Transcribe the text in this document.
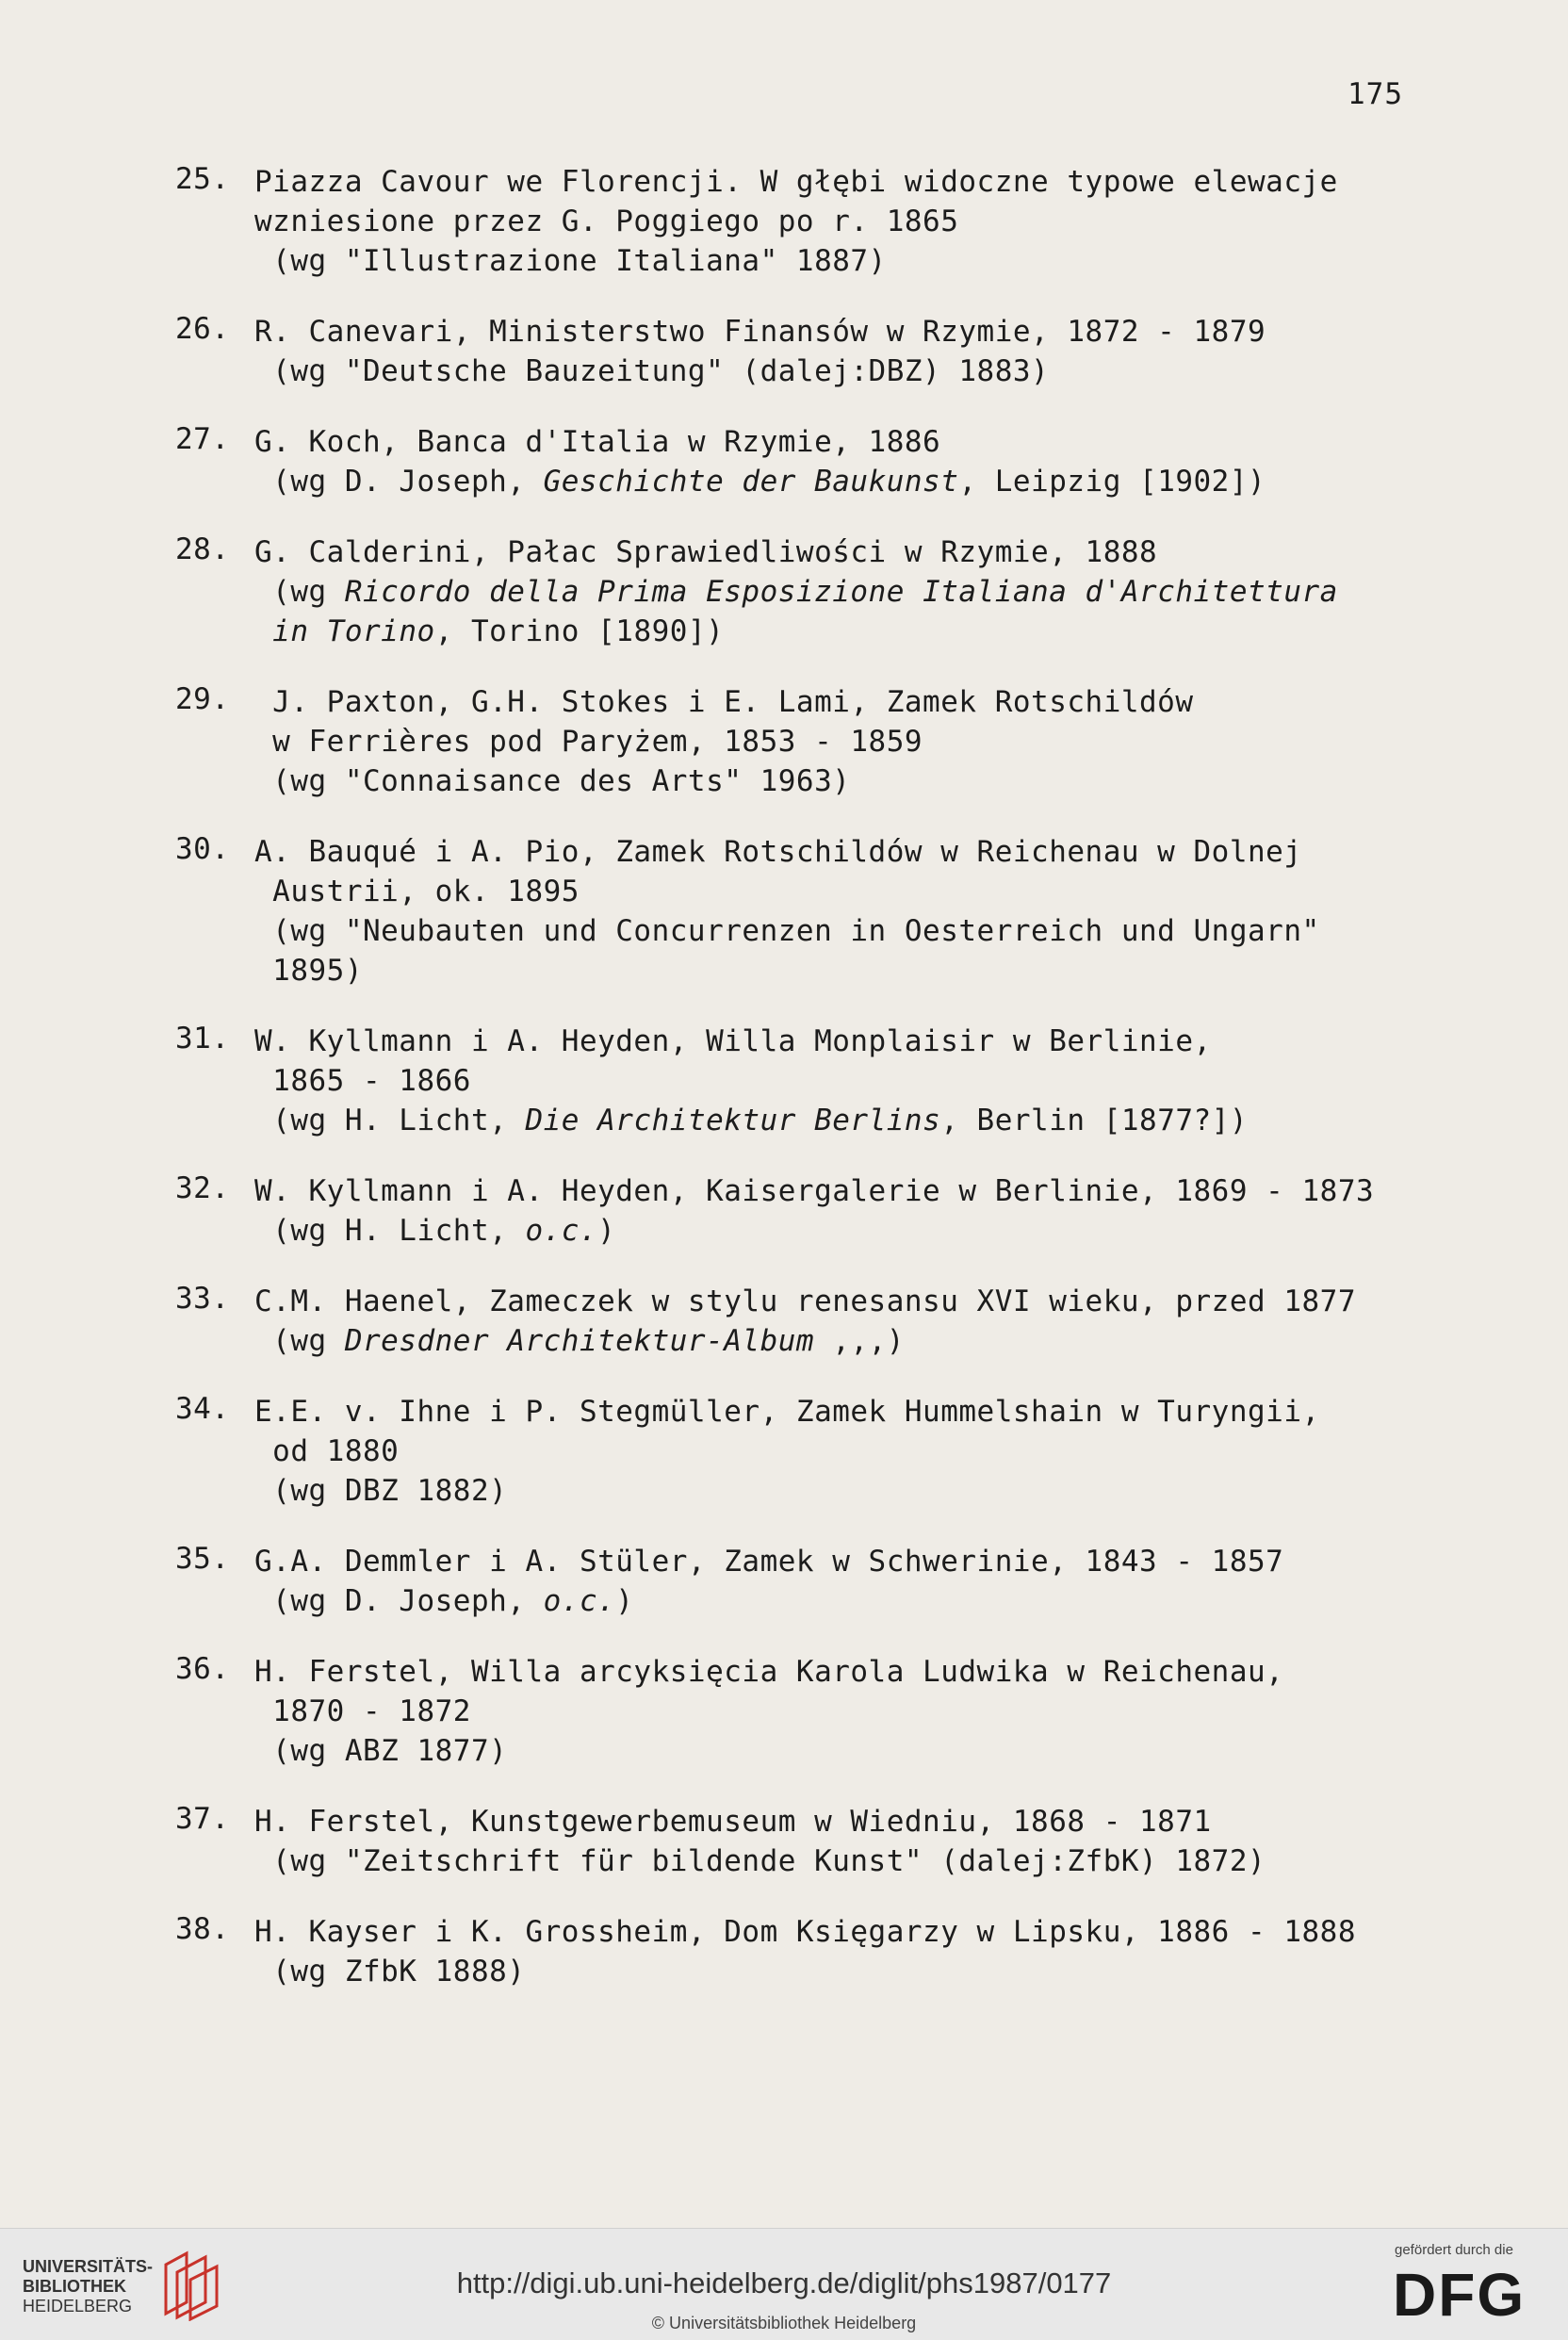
175
25. Piazza Cavour we Florencji. W głębi widoczne typowe elewacje
wzniesione przez G. Poggiego po r. 1865
(wg "Illustrazione Italiana" 1887)
26. R. Canevari, Ministerstwo Finansów w Rzymie, 1872 - 1879
(wg "Deutsche Bauzeitung" (dalej:DBZ) 1883)
27. G. Koch, Banca d'Italia w Rzymie, 1886
(wg D. Joseph, Geschichte der Baukunst, Leipzig [1902])
28. G. Calderini, Pałac Sprawiedliwości w Rzymie, 1888
(wg Ricordo della Prima Esposizione Italiana d'Architettura
in Torino, Torino [1890])
29. J. Paxton, G.H. Stokes i E. Lami, Zamek Rotschildów
w Ferrières pod Paryżem, 1853 - 1859
(wg "Connaisance des Arts" 1963)
30. A. Bauqué i A. Pio, Zamek Rotschildów w Reichenau w Dolnej
Austrii, ok. 1895
(wg "Neubauten und Concurrenzen in Oesterreich und Ungarn"
1895)
31. W. Kyllmann i A. Heyden, Willa Monplaisir w Berlinie,
1865 - 1866
(wg H. Licht, Die Architektur Berlins, Berlin [1877?])
32. W. Kyllmann i A. Heyden, Kaisergalerie w Berlinie, 1869 - 1873
(wg H. Licht, o.c.)
33. C.M. Haenel, Zameczek w stylu renesansu XVI wieku, przed 1877
(wg Dresdner Architektur-Album ,,,)
34. E.E. v. Ihne i P. Stegmüller, Zamek Hummelshain w Turyngii,
od 1880
(wg DBZ 1882)
35. G.A. Demmler i A. Stüler, Zamek w Schwerinie, 1843 - 1857
(wg D. Joseph, o.c.)
36. H. Ferstel, Willa arcyksięcia Karola Ludwika w Reichenau,
1870 - 1872
(wg ABZ 1877)
37. H. Ferstel, Kunstgewerbemuseum w Wiedniu, 1868 - 1871
(wg "Zeitschrift für bildende Kunst" (dalej:ZfbK) 1872)
38. H. Kayser i K. Grossheim, Dom Księgarzy w Lipsku, 1886 - 1888
(wg ZfbK 1888)
UNIVERSITÄTS-
BIBLIOTHEK
HEIDELBERG
http://digi.ub.uni-heidelberg.de/diglit/phs1987/0177
© Universitätsbibliothek Heidelberg
gefördert durch die
DFG
